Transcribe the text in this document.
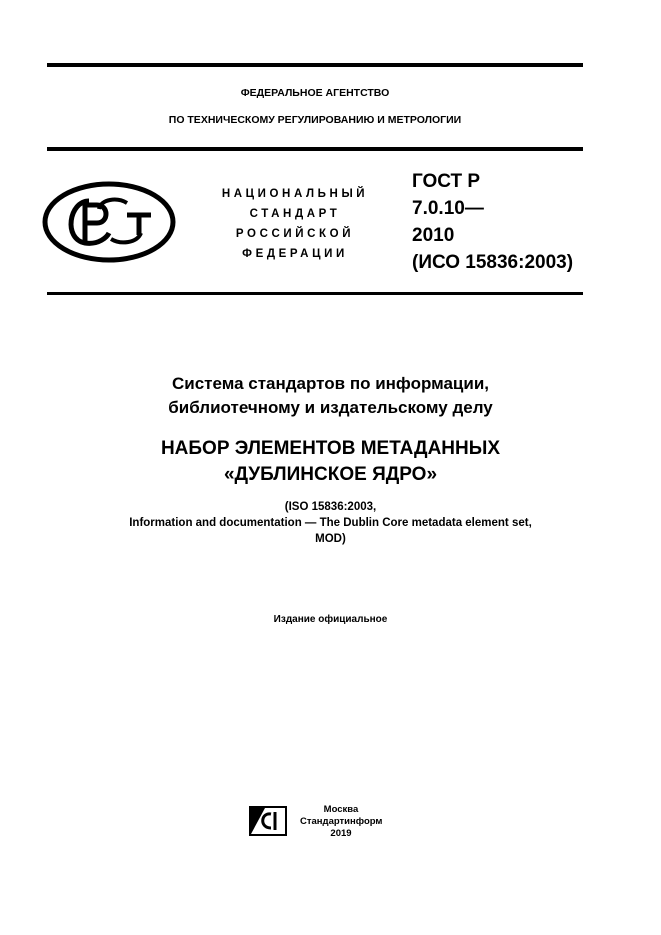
ФЕДЕРАЛЬНОЕ АГЕНТСТВО
ПО ТЕХНИЧЕСКОМУ РЕГУЛИРОВАНИЮ И МЕТРОЛОГИИ
НАЦИОНАЛЬНЫЙ
СТАНДАРТ
РОССИЙСКОЙ
ФЕДЕРАЦИИ
ГОСТ Р
7.0.10—
2010
(ИСО 15836:2003)
Система стандартов по информации,
библиотечному и издательскому делу
НАБОР ЭЛЕМЕНТОВ МЕТАДАННЫХ
«ДУБЛИНСКОЕ ЯДРО»
(ISO 15836:2003,
Information and documentation — The Dublin Core metadata element set,
MOD)
Издание официальное
Москва
Стандартинформ
2019
